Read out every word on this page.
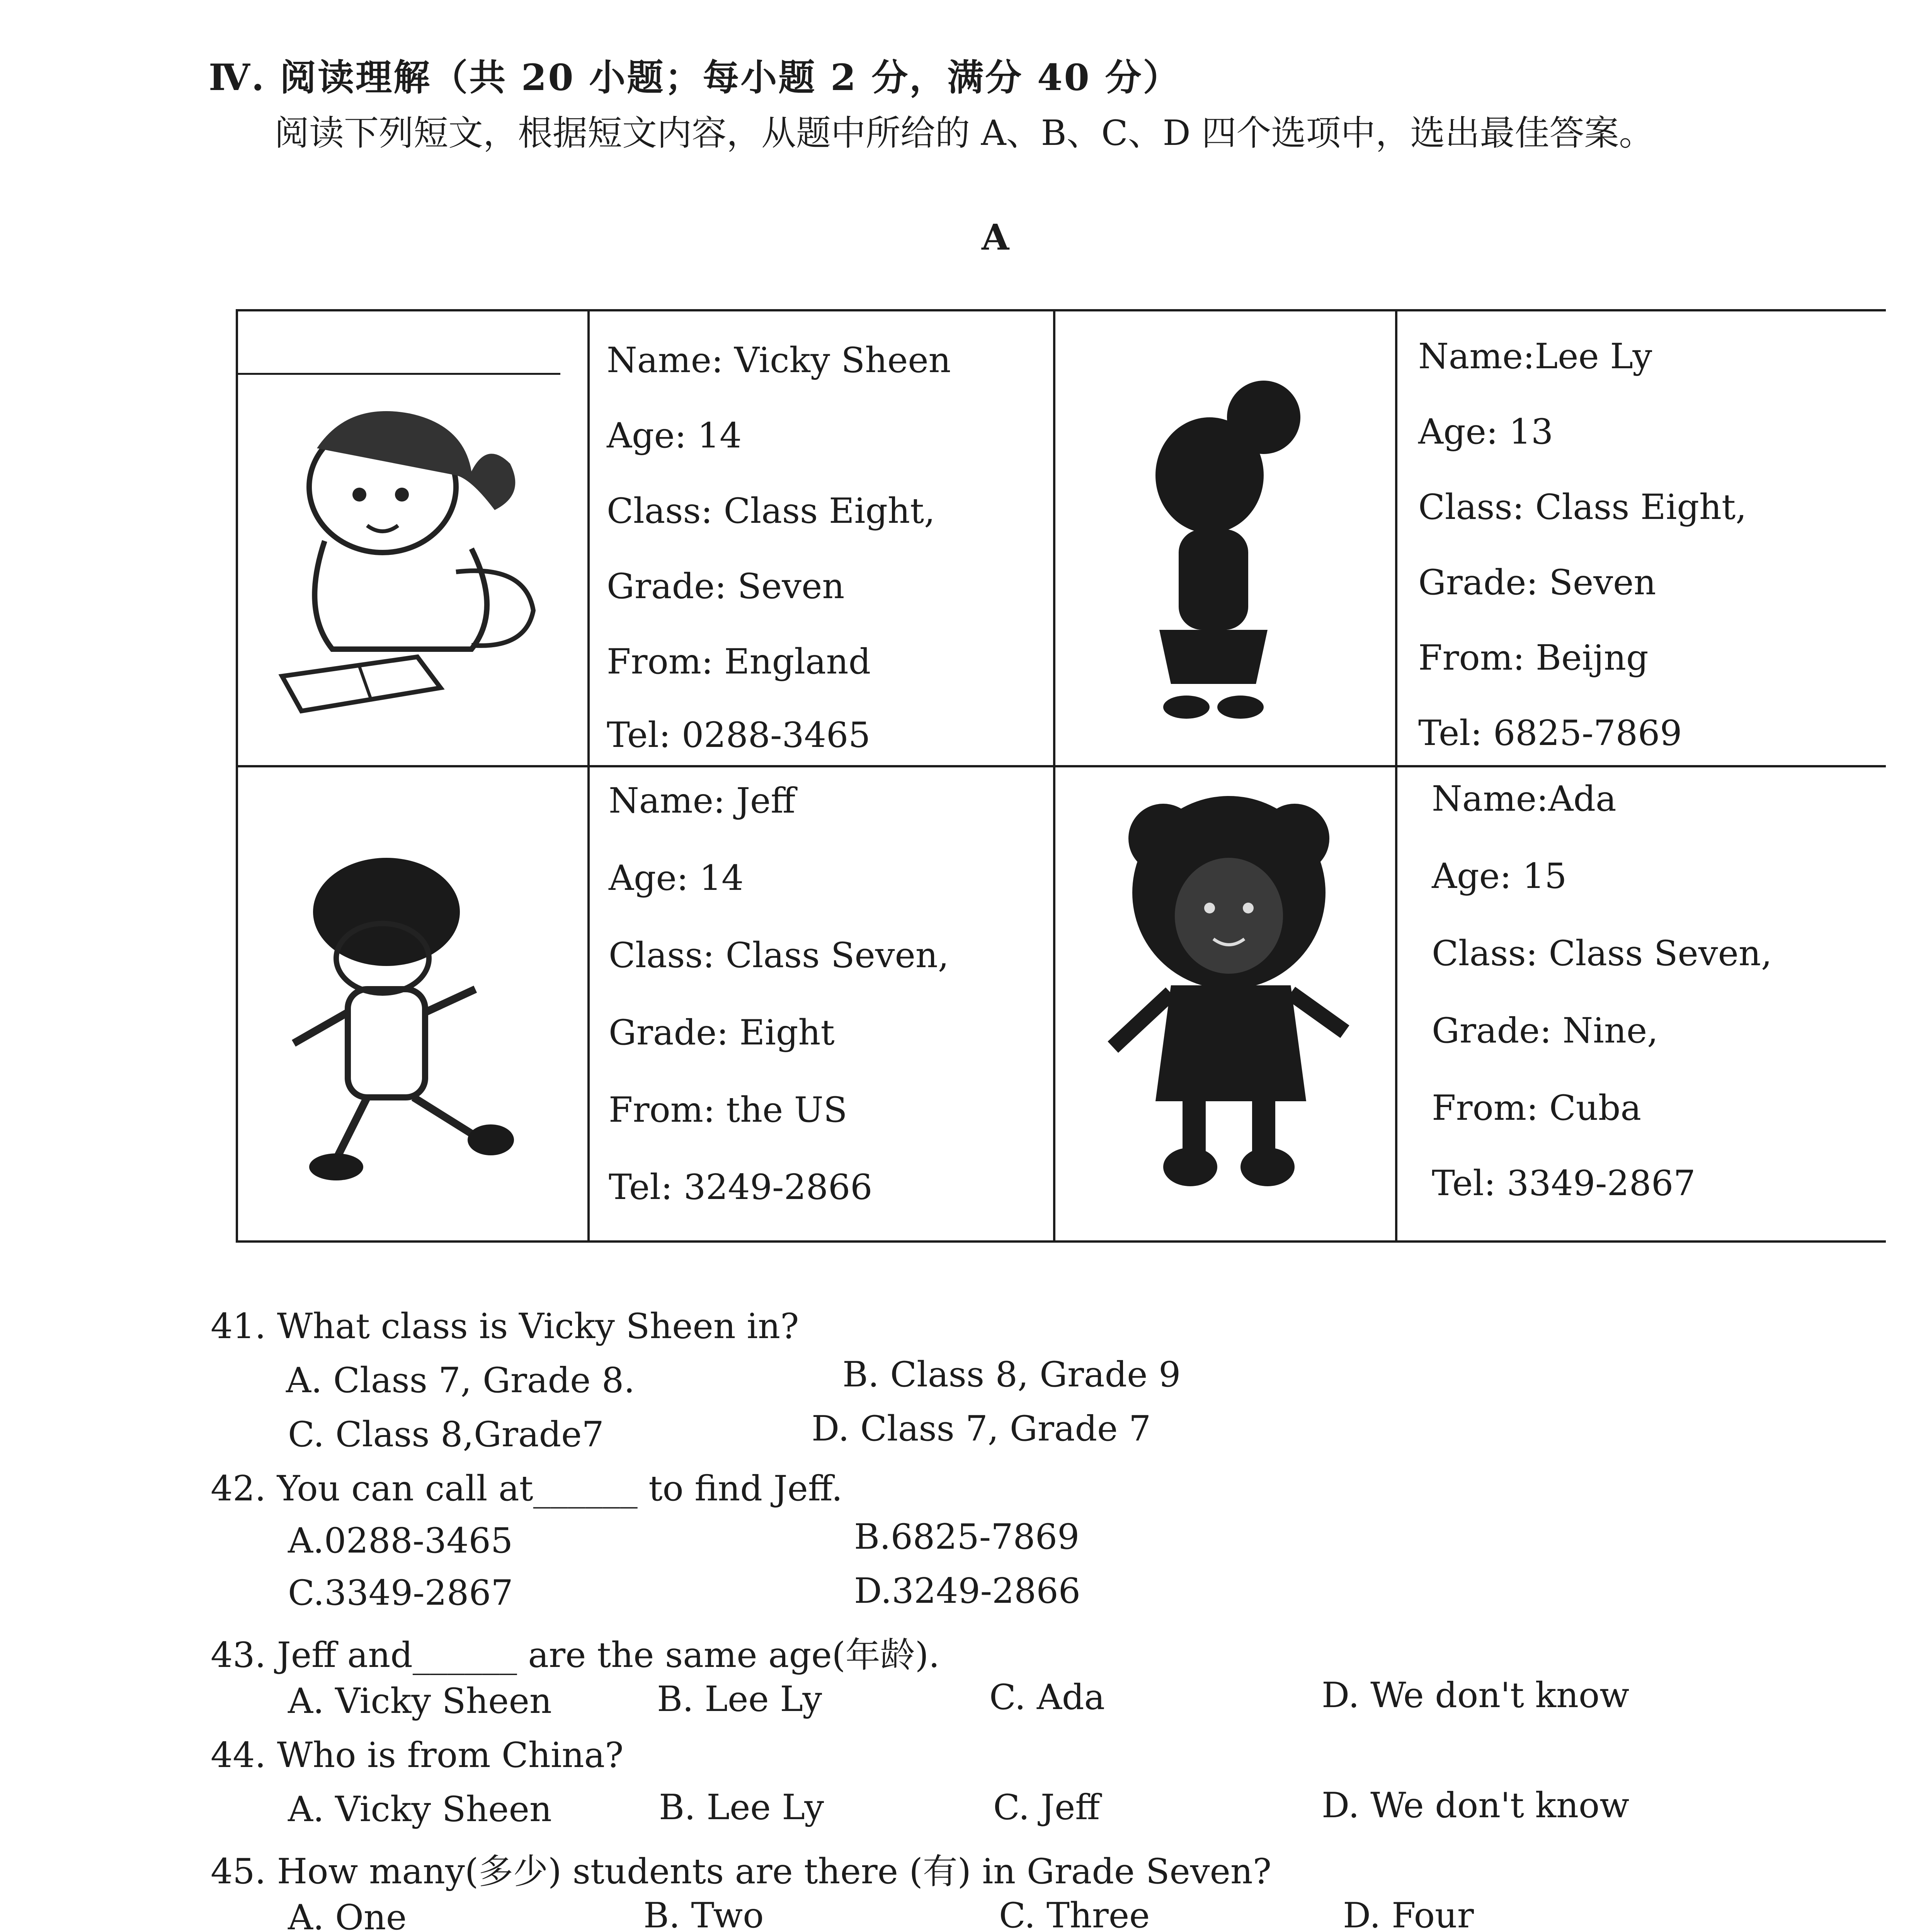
Ⅳ. 阅读理解（共 20 小题；每小题 2 分，满分 40 分）
阅读下列短文，根据短文内容，从题中所给的 A、B、C、D 四个选项中，选出最佳答案。
A
Name: Vicky Sheen
Age: 14
Class: Class Eight,
Grade: Seven
From: England
Tel: 0288-3465
Name:Lee Ly
Age: 13
Class: Class Eight,
Grade: Seven
From: Beijng
Tel: 6825-7869
Name: Jeff
Age: 14
Class: Class Seven,
Grade: Eight
From: the US
Tel: 3249-2866
Name:Ada
Age: 15
Class: Class Seven,
Grade: Nine,
From: Cuba
Tel: 3349-2867
41. What class is Vicky Sheen in?
A. Class 7, Grade 8.	B. Class 8, Grade 9
C. Class 8,Grade7	D. Class 7, Grade 7
42. You can call at______ to find Jeff.
A.0288-3465	B.6825-7869
C.3349-2867	D.3249-2866
43. Jeff and______ are the same age(年龄).
A. Vicky Sheen	B. Lee Ly	C. Ada	D. We don't know
44. Who is from China?
A. Vicky Sheen	B. Lee Ly	C. Jeff	D. We don't know
45. How many(多少) students are there (有) in Grade Seven?
A. One	B. Two	C. Three	D. Four
